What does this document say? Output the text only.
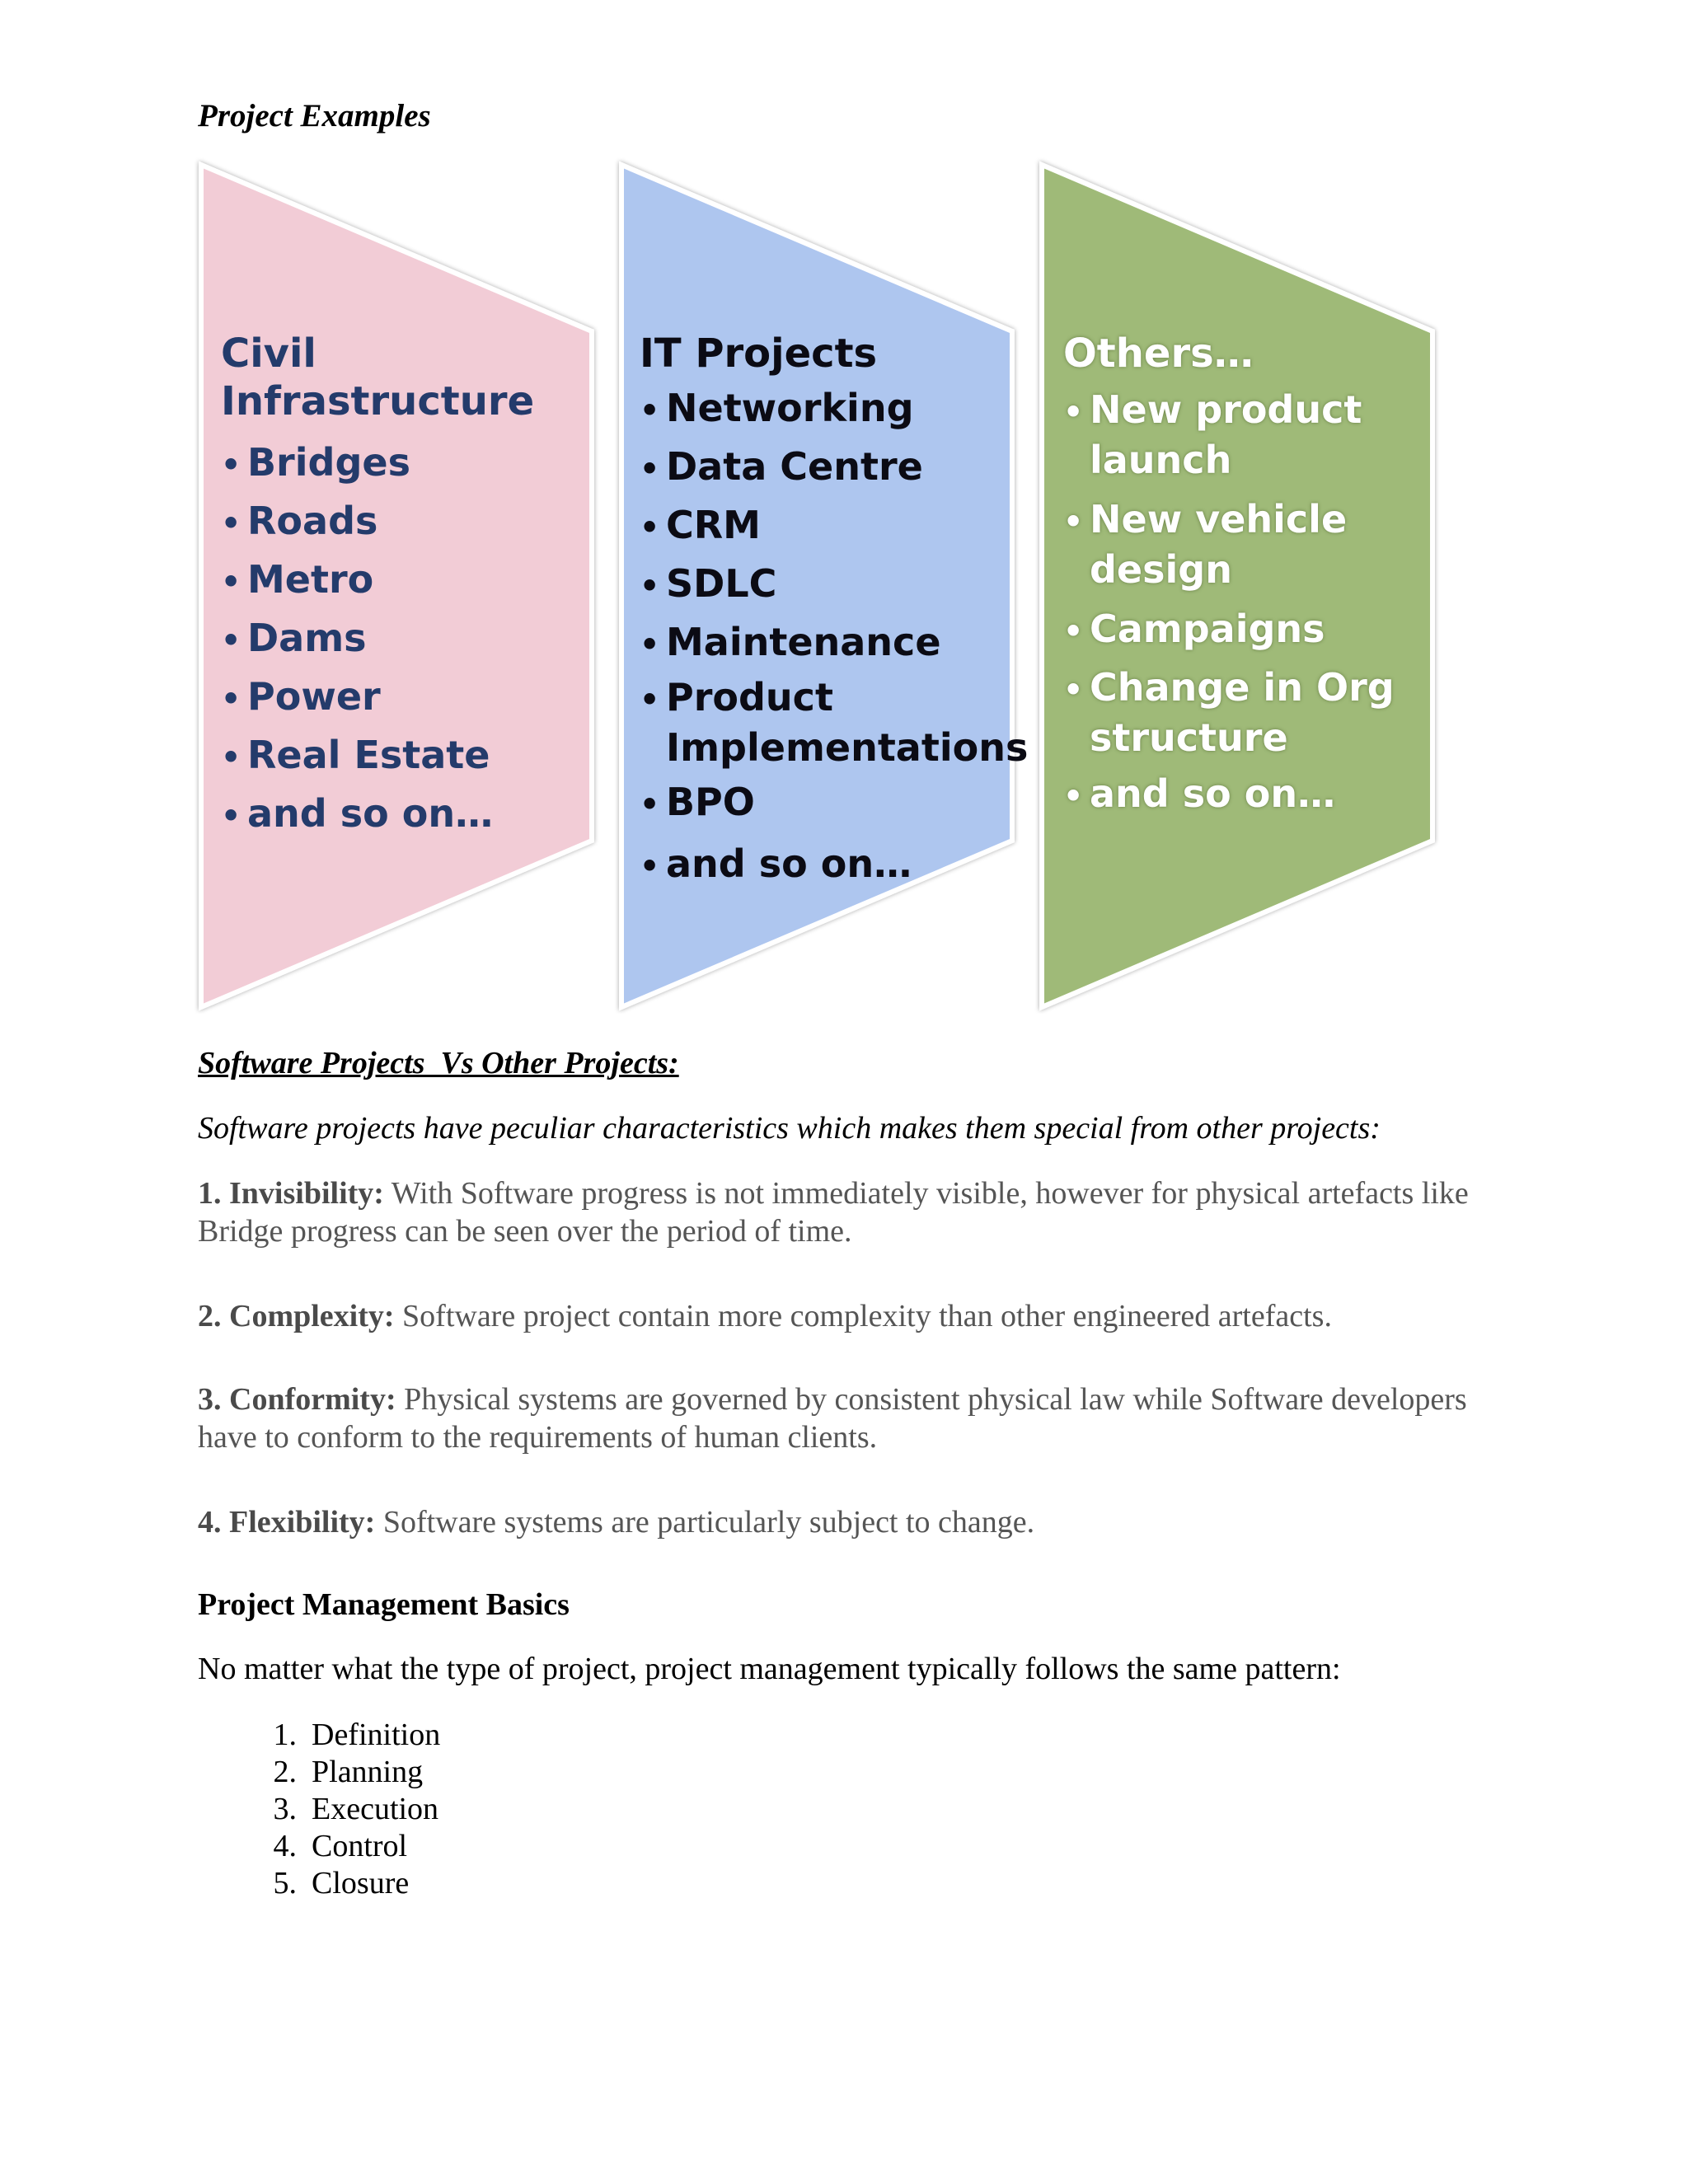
Project Examples
Civil Infrastructure
• Bridges
• Roads
• Metro
• Dams
• Power
• Real Estate
• and so on…
IT Projects
• Networking
• Data Centre
• CRM
• SDLC
• Maintenance
• Product Implementations
• BPO
• and so on…
Others…
• New product launch
• New vehicle design
• Campaigns
• Change in Org structure
• and so on…
Software Projects  Vs Other Projects:
Software projects have peculiar characteristics which makes them special from other projects:
1. Invisibility: With Software progress is not immediately visible, however for physical artefacts like Bridge progress can be seen over the period of time.
2. Complexity: Software project contain more complexity than other engineered artefacts.
3. Conformity: Physical systems are governed by consistent physical law while Software developers have to conform to the requirements of human clients.
4. Flexibility: Software systems are particularly subject to change.
Project Management Basics
No matter what the type of project, project management typically follows the same pattern:
1. Definition
2. Planning
3. Execution
4. Control
5. Closure
